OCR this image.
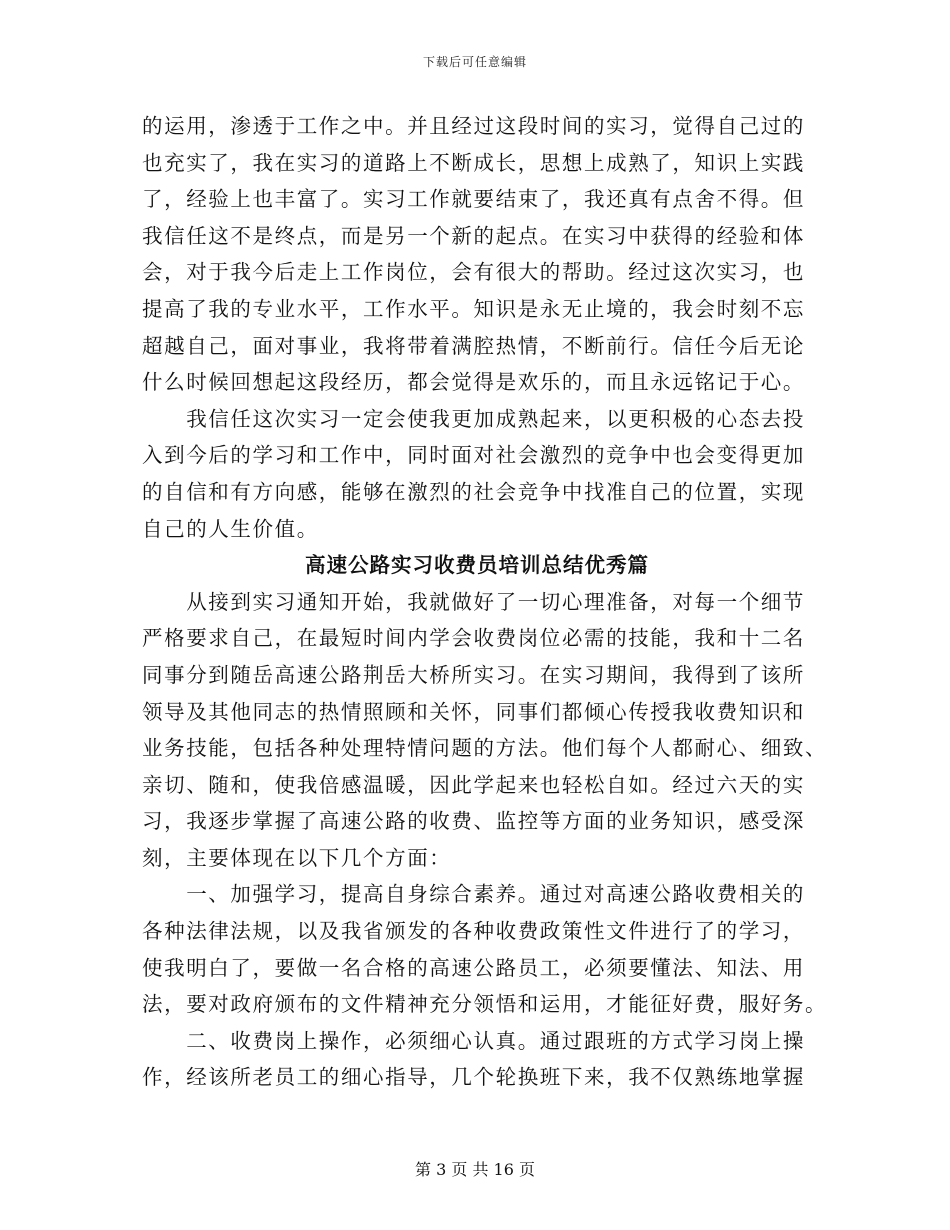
下载后可任意编辑
的运用，渗透于工作之中。并且经过这段时间的实习，觉得自己过的
也充实了，我在实习的道路上不断成长，思想上成熟了，知识上实践
了，经验上也丰富了。实习工作就要结束了，我还真有点舍不得。但
我信任这不是终点，而是另一个新的起点。在实习中获得的经验和体
会，对于我今后走上工作岗位，会有很大的帮助。经过这次实习，也
提高了我的专业水平，工作水平。知识是永无止境的，我会时刻不忘
超越自己，面对事业，我将带着满腔热情，不断前行。信任今后无论
什么时候回想起这段经历，都会觉得是欢乐的，而且永远铭记于心。
　　我信任这次实习一定会使我更加成熟起来，以更积极的心态去投
入到今后的学习和工作中，同时面对社会激烈的竞争中也会变得更加
的自信和有方向感，能够在激烈的社会竞争中找准自己的位置，实现
自己的人生价值。
高速公路实习收费员培训总结优秀篇
　　从接到实习通知开始，我就做好了一切心理准备，对每一个细节
严格要求自己，在最短时间内学会收费岗位必需的技能，我和十二名
同事分到随岳高速公路荆岳大桥所实习。在实习期间，我得到了该所
领导及其他同志的热情照顾和关怀，同事们都倾心传授我收费知识和
业务技能，包括各种处理特情问题的方法。他们每个人都耐心、细致、
亲切、随和，使我倍感温暖，因此学起来也轻松自如。经过六天的实
习，我逐步掌握了高速公路的收费、监控等方面的业务知识，感受深
刻，主要体现在以下几个方面：
　　一、加强学习，提高自身综合素养。通过对高速公路收费相关的
各种法律法规，以及我省颁发的各种收费政策性文件进行了的学习，
使我明白了，要做一名合格的高速公路员工，必须要懂法、知法、用
法，要对政府颁布的文件精神充分领悟和运用，才能征好费，服好务。
　　二、收费岗上操作，必须细心认真。通过跟班的方式学习岗上操
作，经该所老员工的细心指导，几个轮换班下来，我不仅熟练地掌握
第 3 页 共 16 页
